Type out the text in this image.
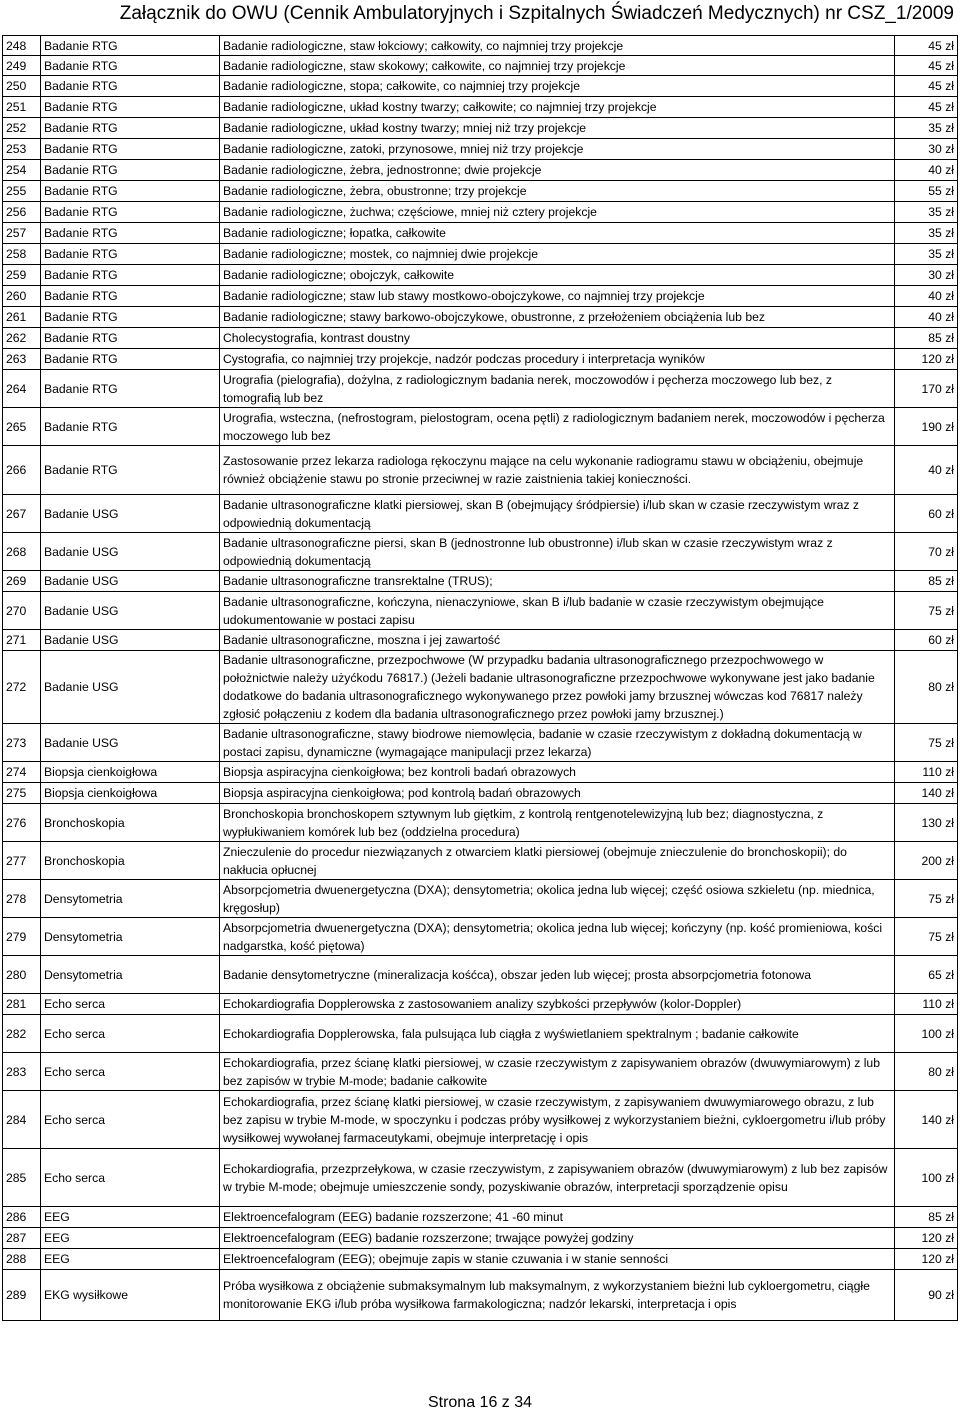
Załącznik do OWU (Cennik Ambulatoryjnych i Szpitalnych Świadczeń Medycznych) nr CSZ_1/2009
248	Badanie RTG	Badanie radiologiczne, staw łokciowy; całkowity, co najmniej trzy projekcje	45 zł
249	Badanie RTG	Badanie radiologiczne, staw skokowy; całkowite, co najmniej trzy projekcje	45 zł
250	Badanie RTG	Badanie radiologiczne, stopa; całkowite, co najmniej trzy projekcje	45 zł
251	Badanie RTG	Badanie radiologiczne, układ kostny twarzy; całkowite; co najmniej trzy projekcje	45 zł
252	Badanie RTG	Badanie radiologiczne, układ kostny twarzy; mniej niż trzy projekcje	35 zł
253	Badanie RTG	Badanie radiologiczne, zatoki, przynosowe, mniej niż trzy projekcje	30 zł
254	Badanie RTG	Badanie radiologiczne, żebra, jednostronne; dwie projekcje	40 zł
255	Badanie RTG	Badanie radiologiczne, żebra, obustronne; trzy projekcje	55 zł
256	Badanie RTG	Badanie radiologiczne, żuchwa; częściowe, mniej niż cztery projekcje	35 zł
257	Badanie RTG	Badanie radiologiczne; łopatka, całkowite	35 zł
258	Badanie RTG	Badanie radiologiczne; mostek, co najmniej dwie projekcje	35 zł
259	Badanie RTG	Badanie radiologiczne; obojczyk, całkowite	30 zł
260	Badanie RTG	Badanie radiologiczne; staw lub stawy mostkowo-obojczykowe, co najmniej trzy projekcje	40 zł
261	Badanie RTG	Badanie radiologiczne; stawy barkowo-obojczykowe, obustronne, z przełożeniem obciążenia lub bez	40 zł
262	Badanie RTG	Cholecystografia, kontrast doustny	85 zł
263	Badanie RTG	Cystografia, co najmniej trzy projekcje, nadzór podczas procedury i interpretacja wyników	120 zł
264	Badanie RTG	Urografia (pielografia), dożylna, z radiologicznym badania nerek, moczowodów i pęcherza moczowego lub bez, z tomografią lub bez	170 zł
265	Badanie RTG	Urografia, wsteczna, (nefrostogram, pielostogram, ocena pętli) z radiologicznym badaniem nerek, moczowodów i pęcherza moczowego lub bez	190 zł
266	Badanie RTG	Zastosowanie przez lekarza radiologa rękoczynu mające na celu wykonanie radiogramu stawu w obciążeniu, obejmuje również obciążenie stawu po stronie przeciwnej w razie zaistnienia takiej konieczności.	40 zł
267	Badanie USG	Badanie ultrasonograficzne klatki piersiowej, skan B (obejmujący śródpiersie) i/lub skan w czasie rzeczywistym wraz z odpowiednią dokumentacją	60 zł
268	Badanie USG	Badanie ultrasonograficzne piersi, skan B (jednostronne lub obustronne) i/lub skan w czasie rzeczywistym wraz z odpowiednią dokumentacją	70 zł
269	Badanie USG	Badanie ultrasonograficzne transrektalne (TRUS);	85 zł
270	Badanie USG	Badanie ultrasonograficzne, kończyna, nienaczyniowe, skan B i/lub badanie w czasie rzeczywistym obejmujące udokumentowanie w postaci zapisu	75 zł
271	Badanie USG	Badanie ultrasonograficzne, moszna i jej zawartość	60 zł
272	Badanie USG	Badanie ultrasonograficzne, przezpochwowe (W przypadku badania ultrasonograficznego przezpochwowego w położnictwie należy użyćkodu 76817.) (Jeżeli badanie ultrasonograficzne przezpochwowe wykonywane jest jako badanie dodatkowe do badania ultrasonograficznego wykonywanego przez powłoki jamy brzusznej wówczas kod 76817 należy zgłosić połączeniu z kodem dla badania ultrasonograficznego przez powłoki jamy brzusznej.)	80 zł
273	Badanie USG	Badanie ultrasonograficzne, stawy biodrowe niemowlęcia, badanie w czasie rzeczywistym z dokładną dokumentacją w postaci zapisu, dynamiczne (wymagające manipulacji przez lekarza)	75 zł
274	Biopsja cienkoigłowa	Biopsja aspiracyjna cienkoigłowa; bez kontroli badań obrazowych	110 zł
275	Biopsja cienkoigłowa	Biopsja aspiracyjna cienkoigłowa; pod kontrolą badań obrazowych	140 zł
276	Bronchoskopia	Bronchoskopia bronchoskopem sztywnym lub giętkim, z kontrolą rentgenotelewizyjną lub bez; diagnostyczna, z wypłukiwaniem komórek lub bez (oddzielna procedura)	130 zł
277	Bronchoskopia	Znieczulenie do procedur niezwiązanych z otwarciem klatki piersiowej (obejmuje znieczulenie do bronchoskopii); do nakłucia opłucnej	200 zł
278	Densytometria	Absorpcjometria dwuenergetyczna (DXA); densytometria; okolica jedna lub więcej; część osiowa szkieletu (np. miednica, kręgosłup)	75 zł
279	Densytometria	Absorpcjometria dwuenergetyczna (DXA); densytometria; okolica jedna lub więcej; kończyny (np. kość promieniowa, kości nadgarstka, kość piętowa)	75 zł
280	Densytometria	Badanie densytometryczne (mineralizacja kośćca), obszar jeden lub więcej; prosta absorpcjometria fotonowa	65 zł
281	Echo serca	Echokardiografia Dopplerowska z zastosowaniem analizy szybkości przepływów (kolor-Doppler)	110 zł
282	Echo serca	Echokardiografia Dopplerowska, fala pulsująca lub ciągła z wyświetlaniem spektralnym ; badanie całkowite	100 zł
283	Echo serca	Echokardiografia, przez ścianę klatki piersiowej, w czasie rzeczywistym z zapisywaniem obrazów (dwuwymiarowym) z lub bez zapisów w trybie M-mode; badanie całkowite	80 zł
284	Echo serca	Echokardiografia, przez ścianę klatki piersiowej, w czasie rzeczywistym, z zapisywaniem dwuwymiarowego obrazu, z lub bez zapisu w trybie M-mode, w spoczynku i podczas próby wysiłkowej z wykorzystaniem bieżni, cykloergometru i/lub próby wysiłkowej wywołanej farmaceutykami, obejmuje interpretację i opis	140 zł
285	Echo serca	Echokardiografia, przezprzełykowa, w czasie rzeczywistym, z zapisywaniem obrazów (dwuwymiarowym) z lub bez zapisów w trybie M-mode; obejmuje umieszczenie sondy, pozyskiwanie obrazów, interpretacji sporządzenie opisu	100 zł
286	EEG	Elektroencefalogram (EEG) badanie rozszerzone; 41 -60 minut	85 zł
287	EEG	Elektroencefalogram (EEG) badanie rozszerzone; trwające powyżej godziny	120 zł
288	EEG	Elektroencefalogram (EEG); obejmuje zapis w stanie czuwania i w stanie senności	120 zł
289	EKG wysiłkowe	Próba wysiłkowa z obciążenie submaksymalnym lub maksymalnym, z wykorzystaniem bieżni lub cykloergometru, ciągłe monitorowanie EKG i/lub próba wysiłkowa farmakologiczna; nadzór lekarski, interpretacja i opis	90 zł
Strona 16 z 34
